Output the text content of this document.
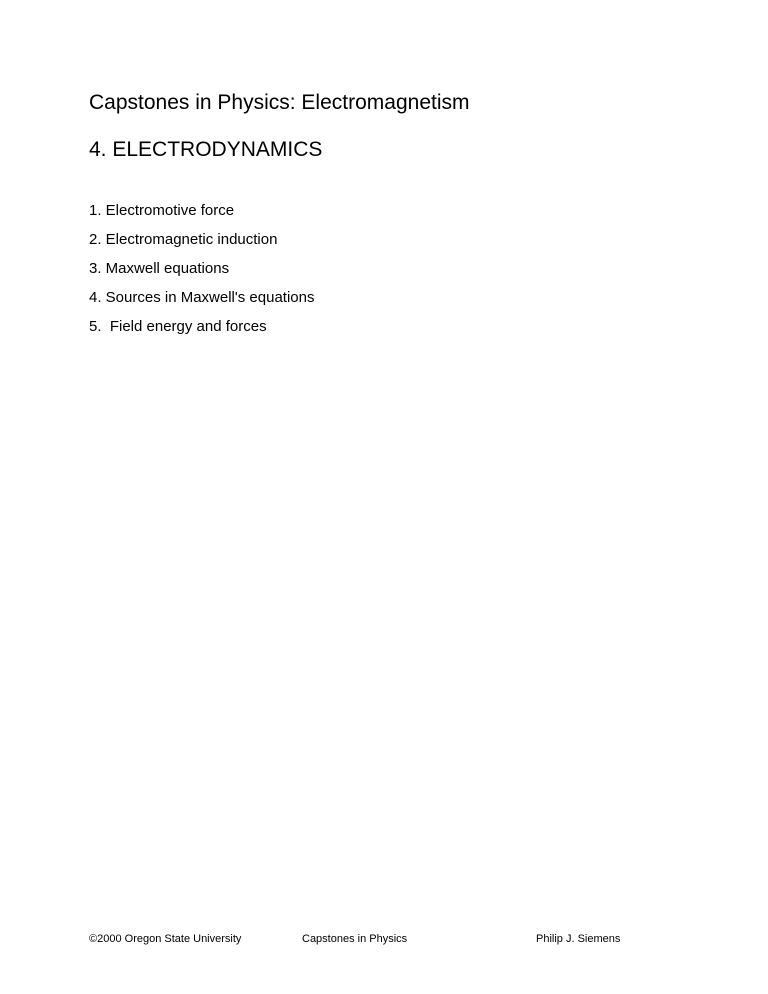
Capstones in Physics: Electromagnetism
4. ELECTRODYNAMICS
1. Electromotive force
2. Electromagnetic induction
3. Maxwell equations
4. Sources in Maxwell's equations
5.  Field energy and forces
©2000 Oregon State University	Capstones in Physics	Philip J. Siemens
